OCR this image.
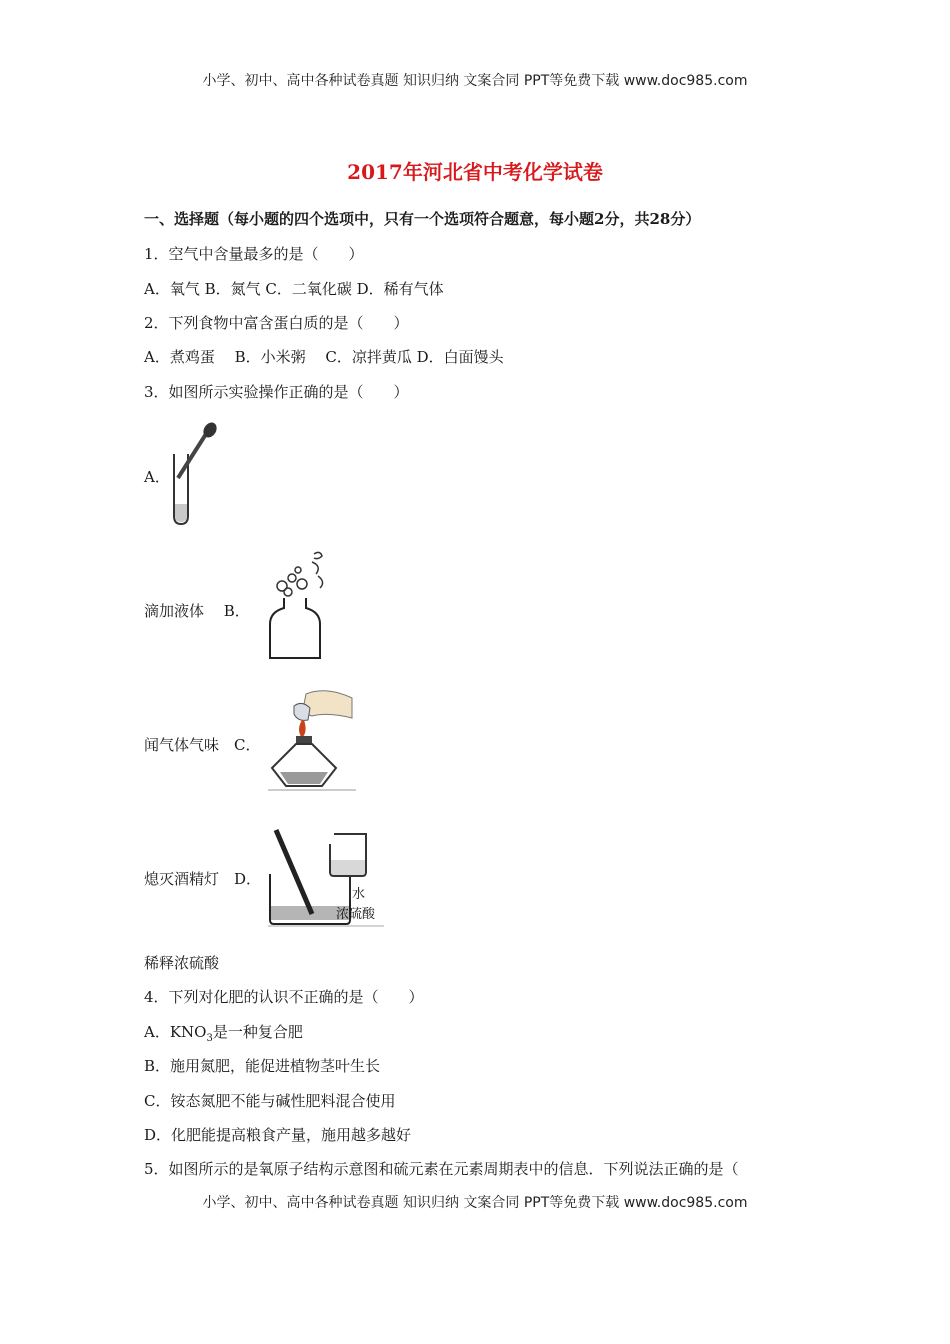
小学、初中、高中各种试卷真题 知识归纳 文案合同 PPT等免费下载 www.doc985.com
2017年河北省中考化学试卷
一、选择题（每小题的四个选项中，只有一个选项符合题意，每小题2分，共28分）
1．空气中含量最多的是（　　）
A．氧气 B．氮气 C．二氧化碳 D．稀有气体
2．下列食物中富含蛋白质的是（　　）
A．煮鸡蛋　 B．小米粥　 C．凉拌黄瓜 D．白面馒头
3．如图所示实验操作正确的是（　　）
A．
滴加液体　 B．
闻气体气味　C．
熄灭酒精灯　D．
水
浓硫酸
稀释浓硫酸
4．下列对化肥的认识不正确的是（　　）
A．$KNO_3$是一种复合肥
B．施用氮肥，能促进植物茎叶生长
C．铵态氮肥不能与碱性肥料混合使用
D．化肥能提高粮食产量，施用越多越好
5．如图所示的是氧原子结构示意图和硫元素在元素周期表中的信息．下列说法正确的是（
小学、初中、高中各种试卷真题 知识归纳 文案合同 PPT等免费下载 www.doc985.com
